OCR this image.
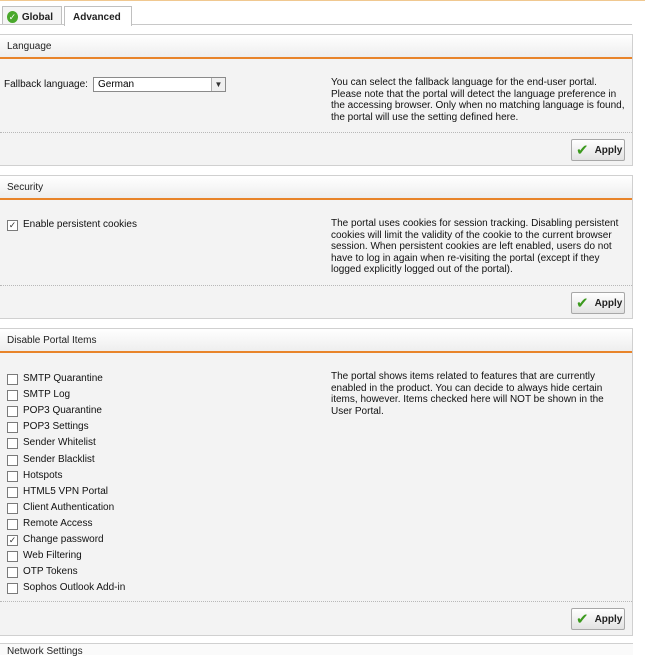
✓ Global Advanced
Language
Fallback language:	German	▼	You can select the fallback language for the end-user portal. Please note that the portal will detect the language preference in the accessing browser. Only when no matching language is found, the portal will use the setting defined here.
✔ Apply
Security
✓ Enable persistent cookies	The portal uses cookies for session tracking. Disabling persistent cookies will limit the validity of the cookie to the current browser session. When persistent cookies are left enabled, users do not have to log in again when re-visiting the portal (except if they logged explicitly logged out of the portal).
✔ Apply
Disable Portal Items
SMTP Quarantine
SMTP Log
POP3 Quarantine
POP3 Settings
Sender Whitelist
Sender Blacklist
Hotspots
HTML5 VPN Portal
Client Authentication
Remote Access
✓ Change password
Web Filtering
OTP Tokens
Sophos Outlook Add-in
The portal shows items related to features that are currently enabled in the product. You can decide to always hide certain items, however. Items checked here will NOT be shown in the User Portal.
✔ Apply
Network Settings
